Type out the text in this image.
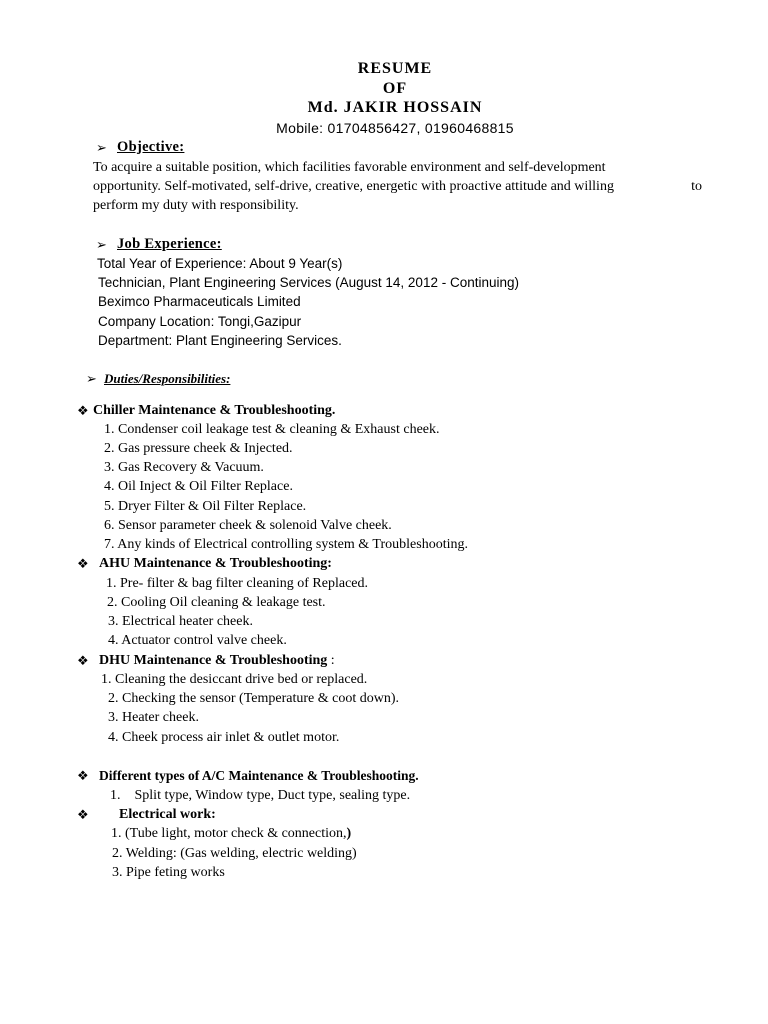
RESUME
OF
Md. JAKIR HOSSAIN
Mobile: 01704856427, 01960468815
➢ Objective:
To acquire a suitable position, which facilities favorable environment and self-development
opportunity. Self-motivated, self-drive, creative, energetic with proactive attitude and willing	to
perform my duty with responsibility.
➢ Job Experience:
Total Year of Experience: About 9 Year(s)
Technician, Plant Engineering Services (August 14, 2012 - Continuing)
Beximco Pharmaceuticals Limited
Company Location: Tongi,Gazipur
Department: Plant Engineering Services.
➢ Duties/Responsibilities:
❖ Chiller Maintenance & Troubleshooting.
1. Condenser coil leakage test & cleaning & Exhaust cheek.
2. Gas pressure cheek & Injected.
3. Gas Recovery & Vacuum.
4. Oil Inject & Oil Filter Replace.
5. Dryer Filter & Oil Filter Replace.
6. Sensor parameter cheek & solenoid Valve cheek.
7. Any kinds of Electrical controlling system & Troubleshooting.
❖ AHU Maintenance & Troubleshooting:
1. Pre- filter & bag filter cleaning of Replaced.
2. Cooling Oil cleaning & leakage test.
3. Electrical heater cheek.
4. Actuator control valve cheek.
❖ DHU Maintenance & Troubleshooting :
1. Cleaning the desiccant drive bed or replaced.
2. Checking the sensor (Temperature & coot down).
3. Heater cheek.
4. Cheek process air inlet & outlet motor.
❖ Different types of A/C Maintenance & Troubleshooting.
1.    Split type, Window type, Duct type, sealing type.
❖ Electrical work:
1. (Tube light, motor check & connection,)
2. Welding: (Gas welding, electric welding)
3. Pipe feting works
